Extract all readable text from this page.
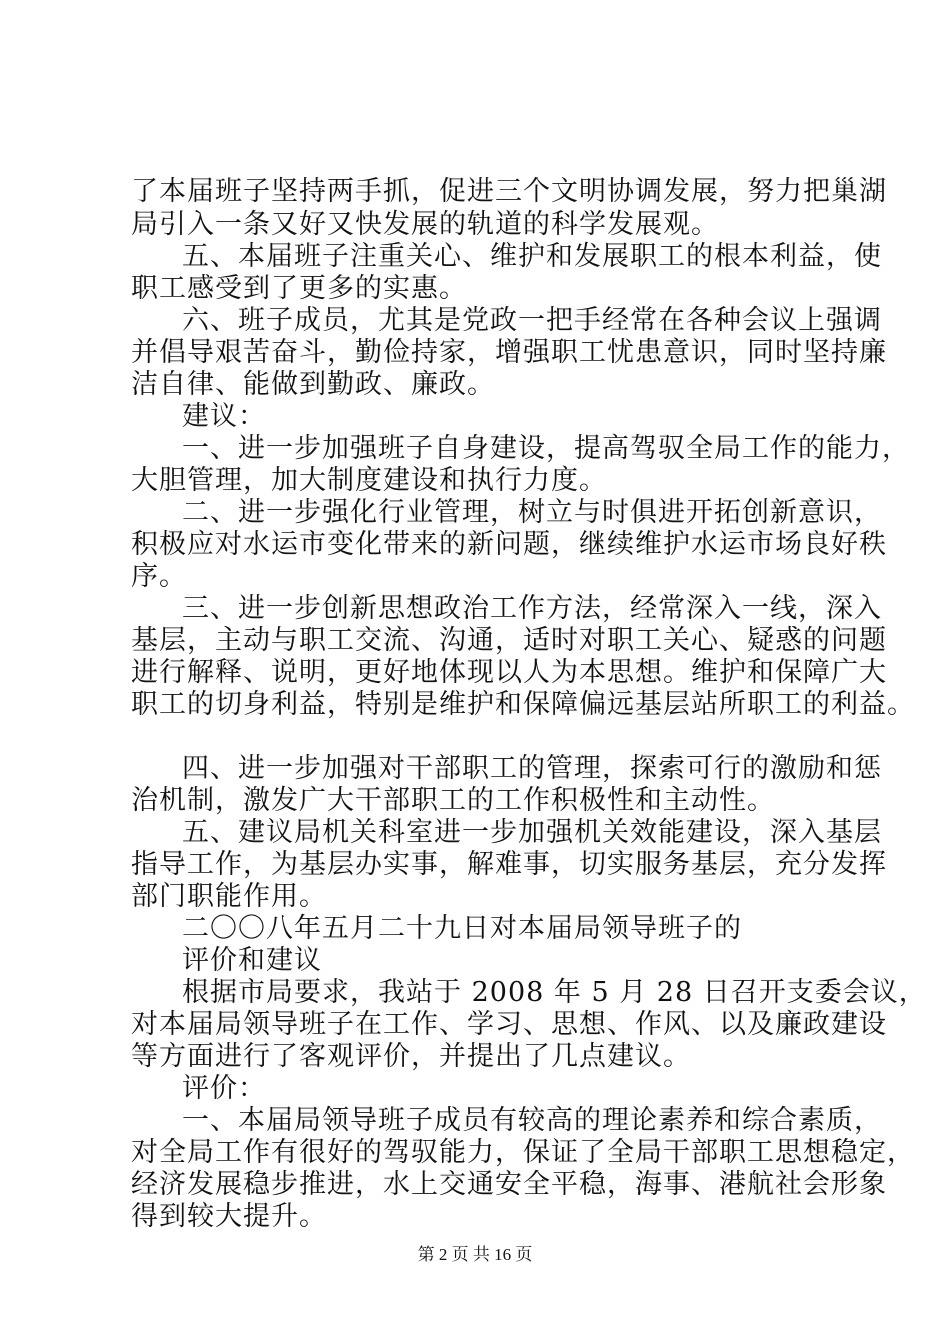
了本届班子坚持两手抓，促进三个文明协调发展，努力把巢湖
局引入一条又好又快发展的轨道的科学发展观。
五、本届班子注重关心、维护和发展职工的根本利益，使
职工感受到了更多的实惠。
六、班子成员，尤其是党政一把手经常在各种会议上强调
并倡导艰苦奋斗，勤俭持家，增强职工忧患意识，同时坚持廉
洁自律、能做到勤政、廉政。
建议：
一、进一步加强班子自身建设，提高驾驭全局工作的能力，
大胆管理，加大制度建设和执行力度。
二、进一步强化行业管理，树立与时俱进开拓创新意识，
积极应对水运市变化带来的新问题，继续维护水运市场良好秩
序。
三、进一步创新思想政治工作方法，经常深入一线，深入
基层，主动与职工交流、沟通，适时对职工关心、疑惑的问题
进行解释、说明，更好地体现以人为本思想。维护和保障广大
职工的切身利益，特别是维护和保障偏远基层站所职工的利益。
四、进一步加强对干部职工的管理，探索可行的激励和惩
治机制，激发广大干部职工的工作积极性和主动性。
五、建议局机关科室进一步加强机关效能建设，深入基层
指导工作，为基层办实事，解难事，切实服务基层，充分发挥
部门职能作用。
二〇〇八年五月二十九日对本届局领导班子的
评价和建议
根据市局要求，我站于 2008 年 5 月 28 日召开支委会议，
对本届局领导班子在工作、学习、思想、作风、以及廉政建设
等方面进行了客观评价，并提出了几点建议。
评价：
一、本届局领导班子成员有较高的理论素养和综合素质，
对全局工作有很好的驾驭能力，保证了全局干部职工思想稳定，
经济发展稳步推进，水上交通安全平稳，海事、港航社会形象
得到较大提升。
第 2 页 共 16 页
